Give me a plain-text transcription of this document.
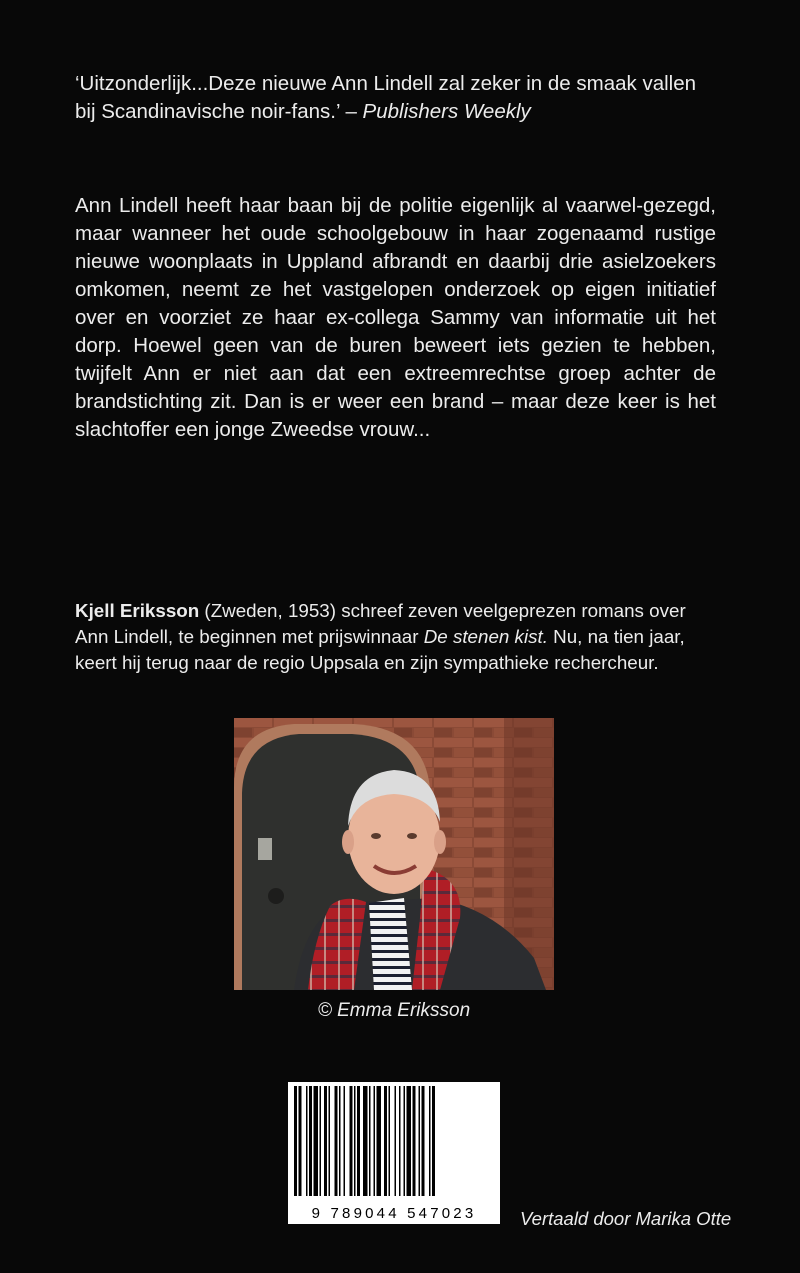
‘Uitzonderlijk...Deze nieuwe Ann Lindell zal zeker in de smaak vallen bij Scandinavische noir-fans.’ – Publishers Weekly

Ann Lindell heeft haar baan bij de politie eigenlijk al vaarwel-gezegd, maar wanneer het oude schoolgebouw in haar zogenaamd rustige nieuwe woonplaats in Uppland afbrandt en daarbij drie asielzoekers omkomen, neemt ze het vastgelopen onderzoek op eigen initiatief over en voorziet ze haar ex-collega Sammy van informatie uit het dorp. Hoewel geen van de buren beweert iets gezien te hebben, twijfelt Ann er niet aan dat een extreemrechtse groep achter de brandstichting zit. Dan is er weer een brand – maar deze keer is het slachtoffer een jonge Zweedse vrouw...

Kjell Eriksson (Zweden, 1953) schreef zeven veelgeprezen romans over Ann Lindell, te beginnen met prijswinnaar De stenen kist. Nu, na tien jaar, keert hij terug naar de regio Uppsala en zijn sympathieke rechercheur.
© Emma Eriksson
9 789044 547023	Vertaald door Marika Otte
